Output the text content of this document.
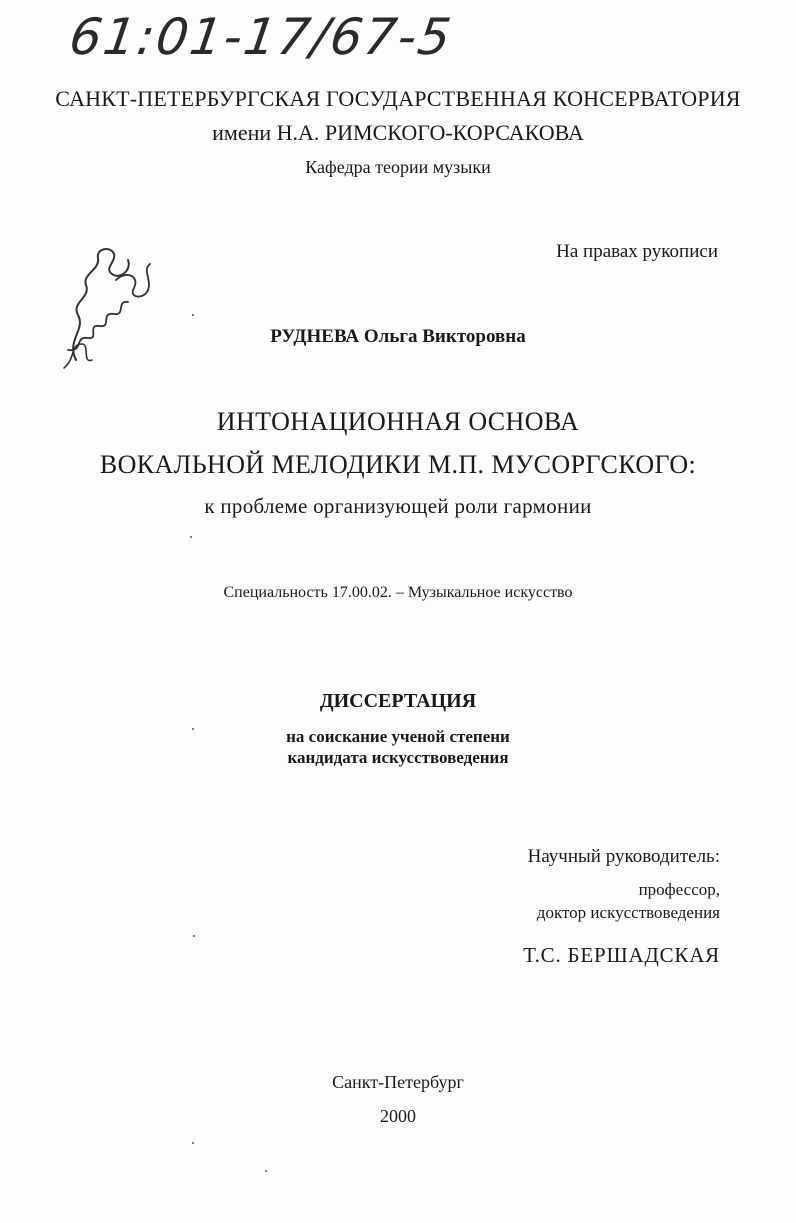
61:01-17/67-5
САНКТ-ПЕТЕРБУРГСКАЯ ГОСУДАРСТВЕННАЯ КОНСЕРВАТОРИЯ
имени Н.А. РИМСКОГО-КОРСАКОВА
Кафедра теории музыки
На правах рукописи
РУДНЕВА Ольга Викторовна
ИНТОНАЦИОННАЯ ОСНОВА
ВОКАЛЬНОЙ МЕЛОДИКИ М.П. МУСОРГСКОГО:
к проблеме организующей роли гармонии
Специальность 17.00.02. – Музыкальное искусство
ДИССЕРТАЦИЯ
на соискание ученой степени
кандидата искусствоведения
Научный руководитель:
профессор,
доктор искусствоведения
Т.С. БЕРШАДСКАЯ
Санкт-Петербург
2000
